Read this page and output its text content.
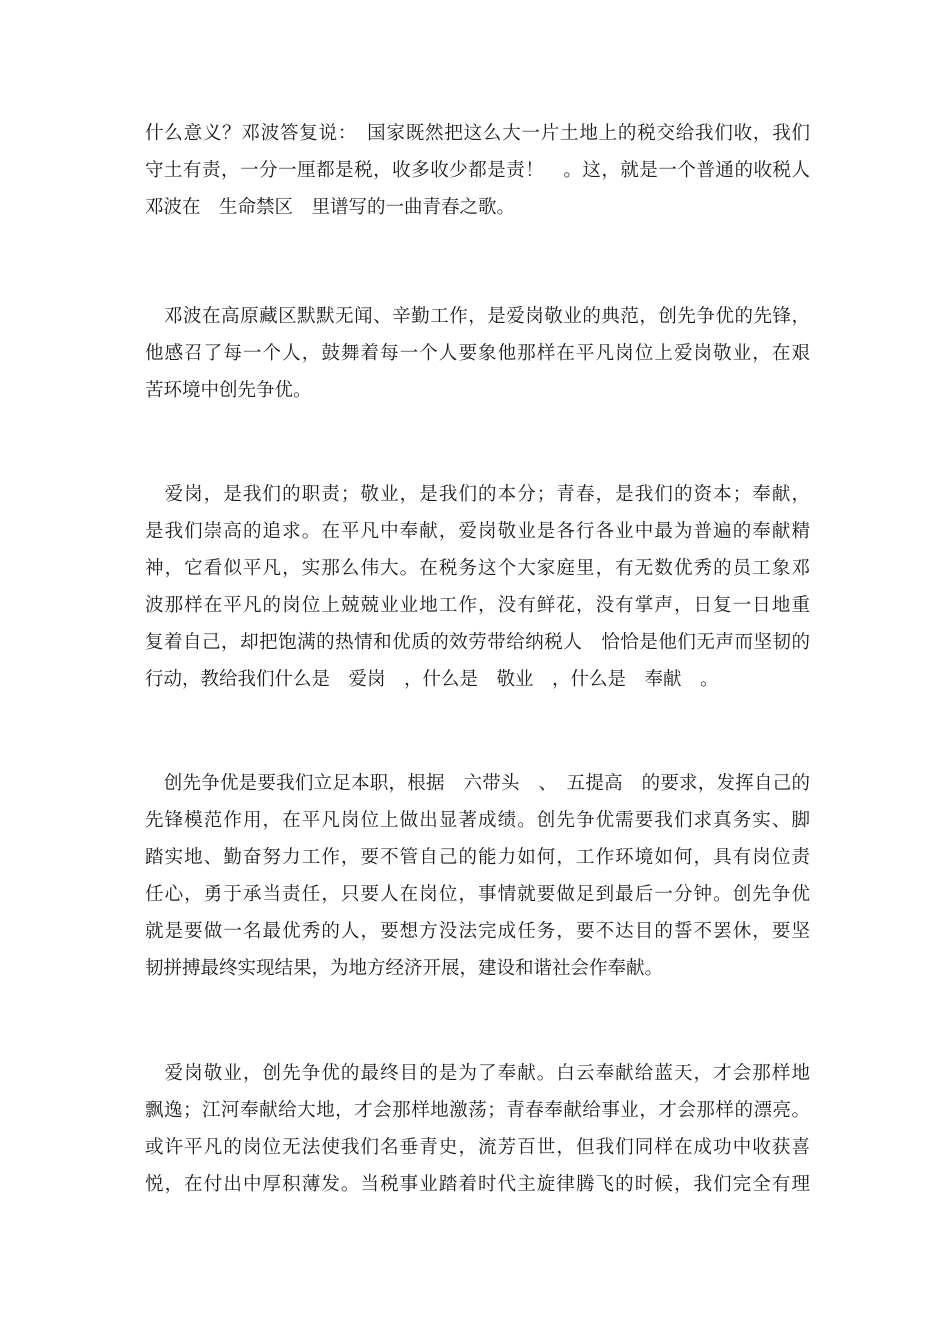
什么意义？邓波答复说：　国家既然把这么大一片土地上的税交给我们收，我们
守土有责，一分一厘都是税，收多收少都是责！　。这，就是一个普通的收税人
邓波在　生命禁区　里谱写的一曲青春之歌。
　邓波在高原藏区默默无闻、辛勤工作，是爱岗敬业的典范，创先争优的先锋，
他感召了每一个人，鼓舞着每一个人要象他那样在平凡岗位上爱岗敬业，在艰
苦环境中创先争优。
　爱岗，是我们的职责；敬业，是我们的本分；青春，是我们的资本；奉献，
是我们崇高的追求。在平凡中奉献，爱岗敬业是各行各业中最为普遍的奉献精
神，它看似平凡，实那么伟大。在税务这个大家庭里，有无数优秀的员工象邓
波那样在平凡的岗位上兢兢业业地工作，没有鲜花，没有掌声，日复一日地重
复着自己，却把饱满的热情和优质的效劳带给纳税人　恰恰是他们无声而坚韧的
行动，教给我们什么是　爱岗　，什么是　敬业　，什么是　奉献　。
　创先争优是要我们立足本职，根据　六带头　、　五提高　的要求，发挥自己的
先锋模范作用，在平凡岗位上做出显著成绩。创先争优需要我们求真务实、脚
踏实地、勤奋努力工作，要不管自己的能力如何，工作环境如何，具有岗位责
任心，勇于承当责任，只要人在岗位，事情就要做足到最后一分钟。创先争优
就是要做一名最优秀的人，要想方没法完成任务，要不达目的誓不罢休，要坚
韧拼搏最终实现结果，为地方经济开展，建设和谐社会作奉献。
　爱岗敬业，创先争优的最终目的是为了奉献。白云奉献给蓝天，才会那样地
飘逸；江河奉献给大地，才会那样地激荡；青春奉献给事业，才会那样的漂亮。
或许平凡的岗位无法使我们名垂青史，流芳百世，但我们同样在成功中收获喜
悦，在付出中厚积薄发。当税事业踏着时代主旋律腾飞的时候，我们完全有理
